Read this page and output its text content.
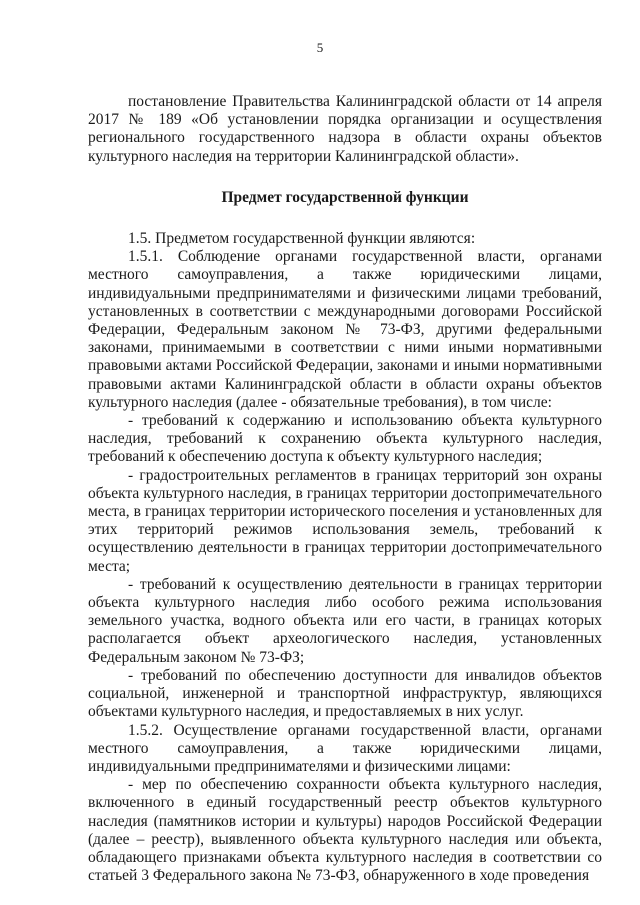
5

постановление Правительства Калининградской области от 14 апреля 2017 № 189 «Об установлении порядка организации и осуществления регионального государственного надзора в области охраны объектов культурного наследия на территории Калининградской области».

Предмет государственной функции

1.5. Предметом государственной функции являются:

1.5.1. Соблюдение органами государственной власти, органами местного самоуправления, а также юридическими лицами, индивидуальными предпринимателями и физическими лицами требований, установленных в соответствии с международными договорами Российской Федерации, Федеральным законом № 73-ФЗ, другими федеральными законами, принимаемыми в соответствии с ними иными нормативными правовыми актами Российской Федерации, законами и иными нормативными правовыми актами Калининградской области в области охраны объектов культурного наследия (далее - обязательные требования), в том числе:

- требований к содержанию и использованию объекта культурного наследия, требований к сохранению объекта культурного наследия, требований к обеспечению доступа к объекту культурного наследия;

- градостроительных регламентов в границах территорий зон охраны объекта культурного наследия, в границах территории достопримечательного места, в границах территории исторического поселения и установленных для этих территорий режимов использования земель, требований к осуществлению деятельности в границах территории достопримечательного места;

- требований к осуществлению деятельности в границах территории объекта культурного наследия либо особого режима использования земельного участка, водного объекта или его части, в границах которых располагается объект археологического наследия, установленных Федеральным законом № 73-ФЗ;

- требований по обеспечению доступности для инвалидов объектов социальной, инженерной и транспортной инфраструктур, являющихся объектами культурного наследия, и предоставляемых в них услуг.

1.5.2. Осуществление органами государственной власти, органами местного самоуправления, а также юридическими лицами, индивидуальными предпринимателями и физическими лицами:

- мер по обеспечению сохранности объекта культурного наследия, включенного в единый государственный реестр объектов культурного наследия (памятников истории и культуры) народов Российской Федерации (далее – реестр), выявленного объекта культурного наследия или объекта, обладающего признаками объекта культурного наследия в соответствии со статьей 3 Федерального закона № 73-ФЗ, обнаруженного в ходе проведения
